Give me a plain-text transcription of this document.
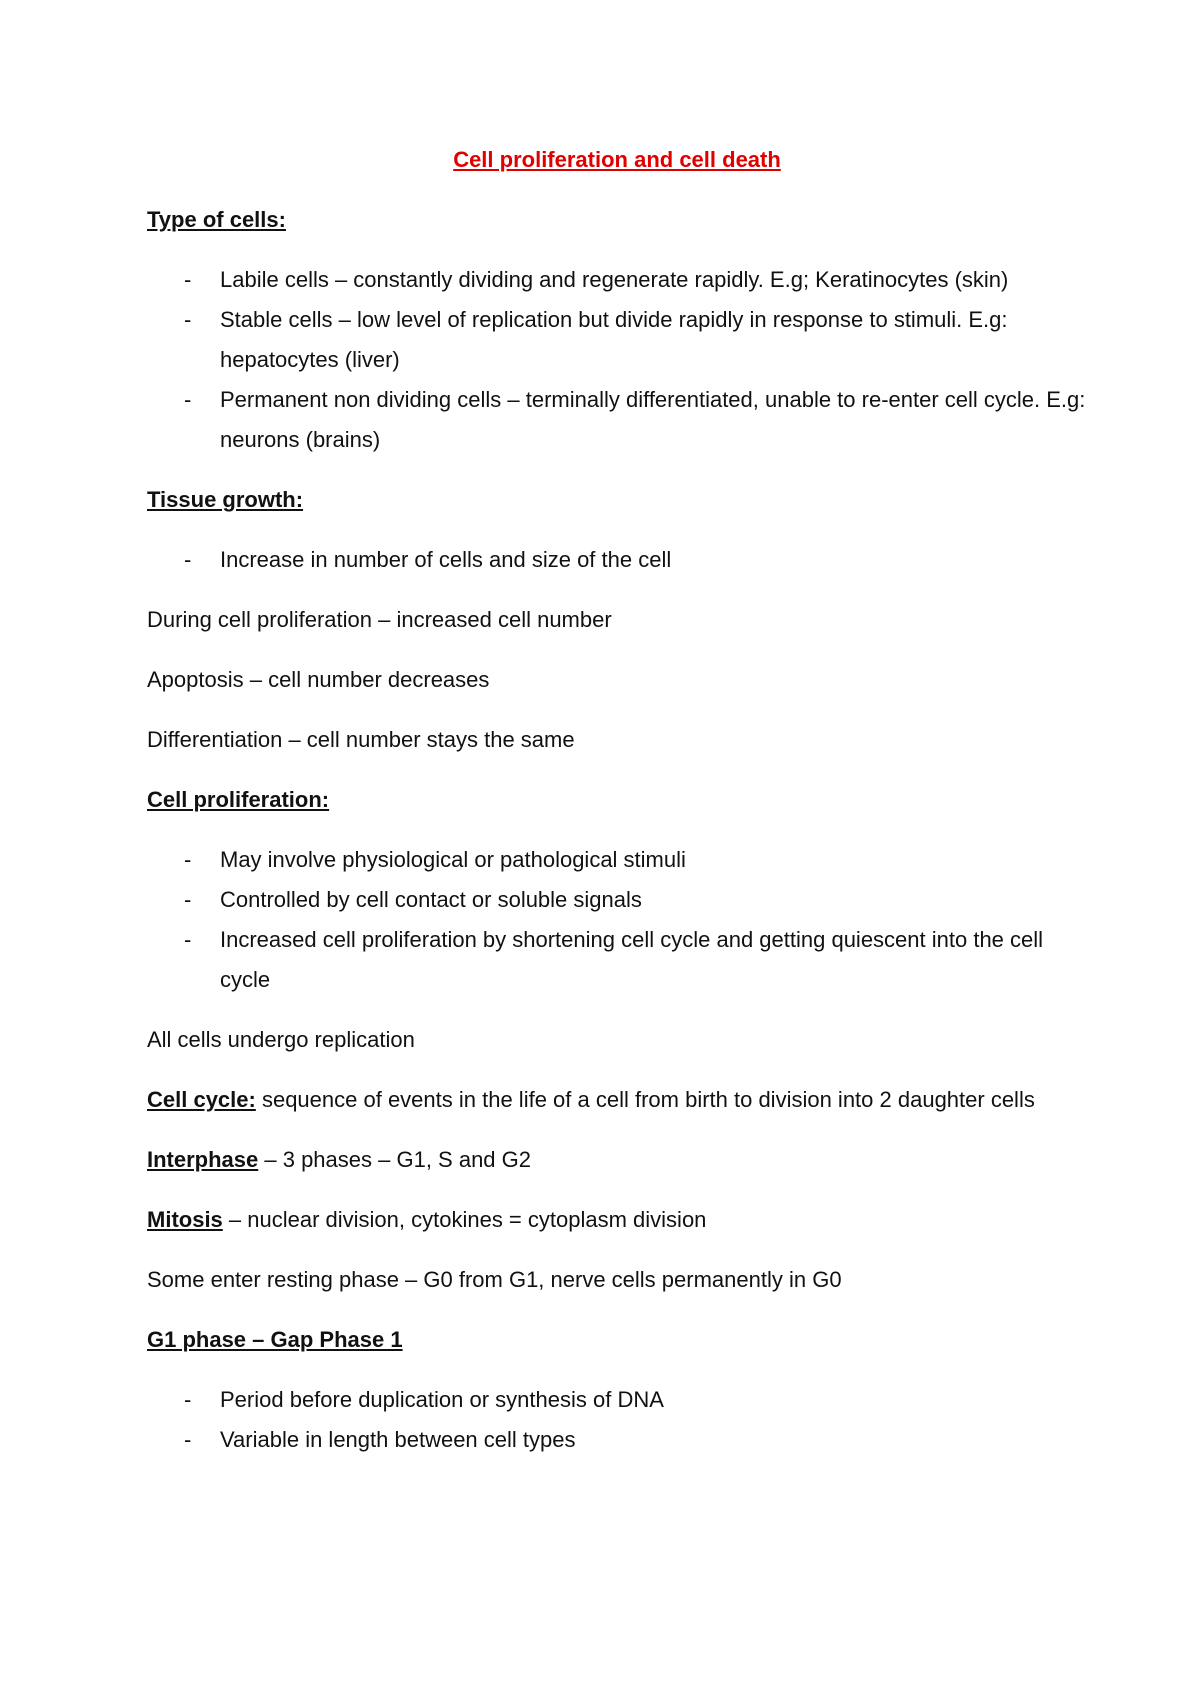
Cell proliferation and cell death

Type of cells:

- Labile cells – constantly dividing and regenerate rapidly. E.g; Keratinocytes (skin)
- Stable cells – low level of replication but divide rapidly in response to stimuli. E.g: hepatocytes (liver)
- Permanent non dividing cells – terminally differentiated, unable to re-enter cell cycle. E.g: neurons (brains)

Tissue growth:

- Increase in number of cells and size of the cell

During cell proliferation – increased cell number

Apoptosis – cell number decreases

Differentiation – cell number stays the same

Cell proliferation:

- May involve physiological or pathological stimuli
- Controlled by cell contact or soluble signals
- Increased cell proliferation by shortening cell cycle and getting quiescent into the cell cycle

All cells undergo replication

Cell cycle: sequence of events in the life of a cell from birth to division into 2 daughter cells

Interphase – 3 phases – G1, S and G2

Mitosis – nuclear division, cytokines = cytoplasm division

Some enter resting phase – G0 from G1, nerve cells permanently in G0

G1 phase – Gap Phase 1

- Period before duplication or synthesis of DNA
- Variable in length between cell types
